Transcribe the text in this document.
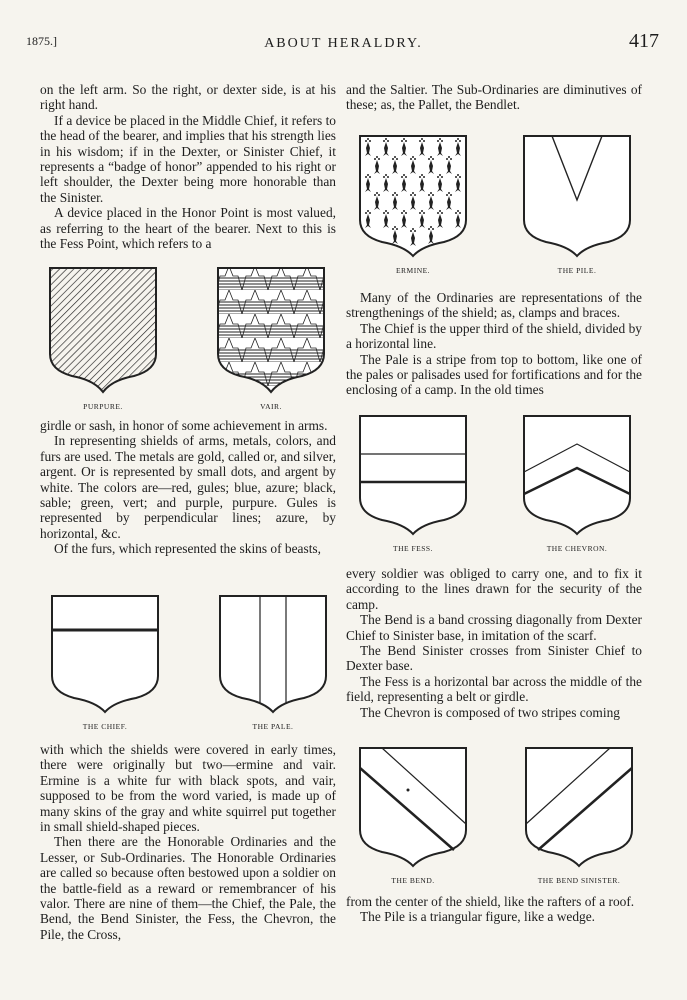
1875.]	ABOUT HERALDRY.	417

on the left arm. So the right, or dexter side, is at his right hand.

If a device be placed in the Middle Chief, it refers to the head of the bearer, and implies that his strength lies in his wisdom; if in the Dexter, or Sinister Chief, it represents a “badge of honor” appended to his right or left shoulder, the Dexter being more honorable than the Sinister.

A device placed in the Honor Point is most valued, as referring to the heart of the bearer. Next to this is the Fess Point, which refers to a

PURPURE.	VAIR.

girdle or sash, in honor of some achievement in arms.

In representing shields of arms, metals, colors, and furs are used. The metals are gold, called or, and silver, argent. Or is represented by small dots, and argent by white. The colors are—red, gules; blue, azure; black, sable; green, vert; and purple, purpure. Gules is represented by perpendicular lines; azure, by horizontal, &c.

Of the furs, which represented the skins of beasts,

THE CHIEF.	THE PALE.

with which the shields were covered in early times, there were originally but two—ermine and vair. Ermine is a white fur with black spots, and vair, supposed to be from the word varied, is made up of many skins of the gray and white squirrel put together in small shield-shaped pieces.

Then there are the Honorable Ordinaries and the Lesser, or Sub-Ordinaries. The Honorable Ordinaries are called so because often bestowed upon a soldier on the battle-field as a reward or remembrancer of his valor. There are nine of them—the Chief, the Pale, the Bend, the Bend Sinister, the Fess, the Chevron, the Pile, the Cross,

and the Saltier. The Sub-Ordinaries are diminutives of these; as, the Pallet, the Bendlet.

ERMINE.	THE PILE.

Many of the Ordinaries are representations of the strengthenings of the shield; as, clamps and braces.

The Chief is the upper third of the shield, divided by a horizontal line.

The Pale is a stripe from top to bottom, like one of the pales or palisades used for fortifications and for the enclosing of a camp. In the old times

THE FESS.	THE CHEVRON.

every soldier was obliged to carry one, and to fix it according to the lines drawn for the security of the camp.

The Bend is a band crossing diagonally from Dexter Chief to Sinister base, in imitation of the scarf.

The Bend Sinister crosses from Sinister Chief to Dexter base.

The Fess is a horizontal bar across the middle of the field, representing a belt or girdle.

The Chevron is composed of two stripes coming

THE BEND.	THE BEND SINISTER.

from the center of the shield, like the rafters of a roof.

The Pile is a triangular figure, like a wedge.
